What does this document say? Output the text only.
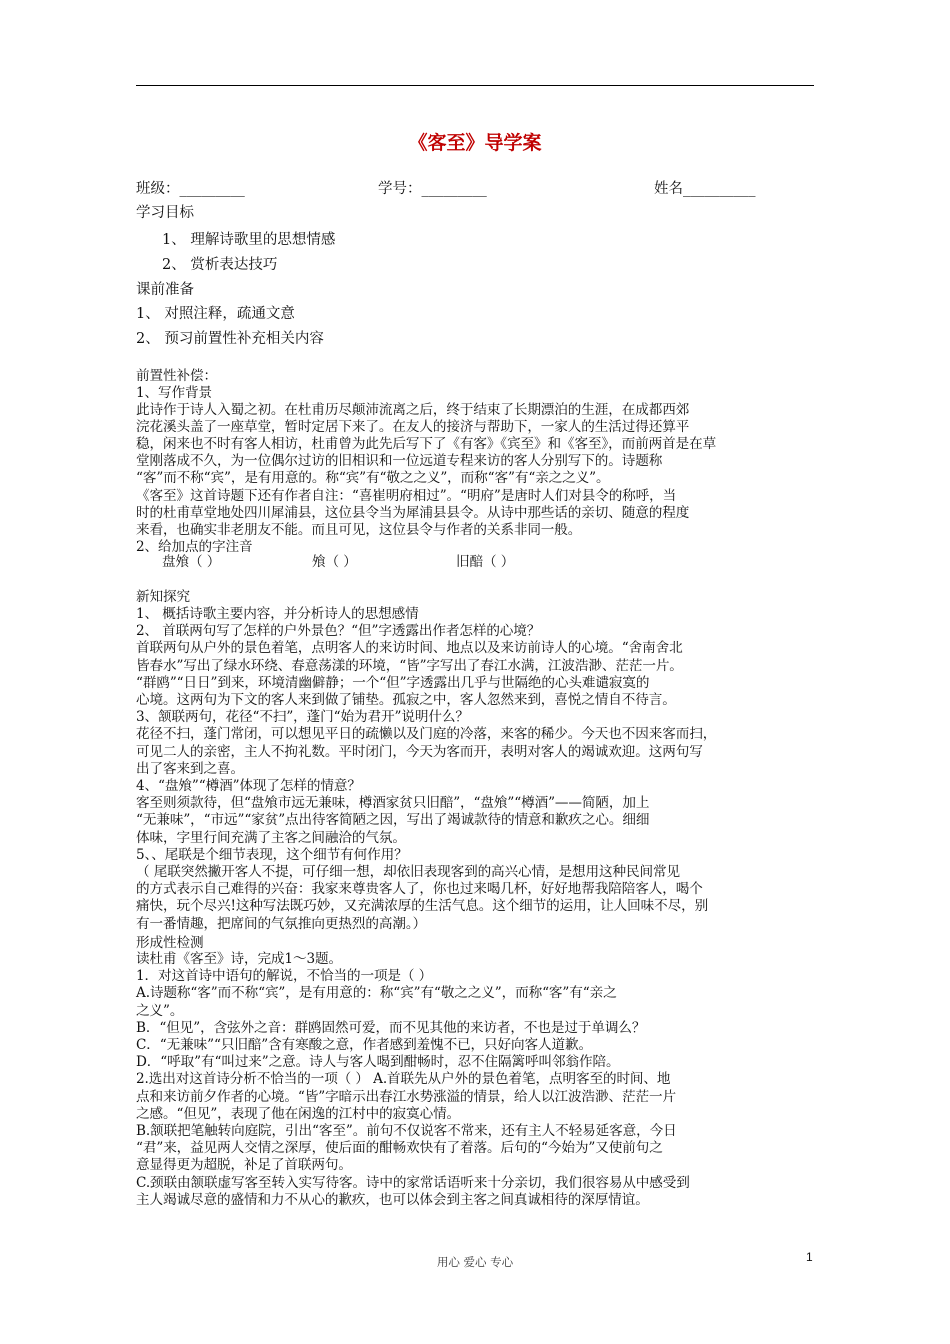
《客至》导学案
班级：_________	学号：_________	姓名__________
学习目标
1、 理解诗歌里的思想情感
2、 赏析表达技巧
课前准备
1、 对照注释，疏通文意
2、 预习前置性补充相关内容
前置性补偿：
1、写作背景
此诗作于诗人入蜀之初。在杜甫历尽颠沛流离之后，终于结束了长期漂泊的生涯，在成都西郊
浣花溪头盖了一座草堂，暂时定居下来了。在友人的接济与帮助下，一家人的生活过得还算平
稳，闲来也不时有客人相访，杜甫曾为此先后写下了《有客》《宾至》和《客至》，而前两首是在草
堂刚落成不久，为一位偶尔过访的旧相识和一位远道专程来访的客人分别写下的。诗题称
“客”而不称“宾”，是有用意的。称“宾”有“敬之之义”，而称“客”有“亲之之义”。
《客至》这首诗题下还有作者自注：“喜崔明府相过”。“明府”是唐时人们对县令的称呼，当
时的杜甫草堂地处四川犀浦县，这位县令当为犀浦县县令。从诗中那些话的亲切、随意的程度
来看，也确实非老朋友不能。而且可见，这位县令与作者的关系非同一般。
2、给加点的字注音
盘飧（ ）	飧（ ）	旧醅（ ）
新知探究
1、 概括诗歌主要内容，并分析诗人的思想感情
2、 首联两句写了怎样的户外景色？“但”字透露出作者怎样的心境？
首联两句从户外的景色着笔，点明客人的来访时间、地点以及来访前诗人的心境。“舍南舍北
皆春水”写出了绿水环绕、春意荡漾的环境，“皆”字写出了春江水满，江波浩渺、茫茫一片。
“群鸥”“日日”到来，环境清幽僻静；一个“但”字透露出几乎与世隔绝的心头难谴寂寞的
心境。这两句为下文的客人来到做了铺垫。孤寂之中，客人忽然来到，喜悦之情自不待言。
3、颔联两句，花径“不扫”，蓬门“始为君开”说明什么？
花径不扫，蓬门常闭，可以想见平日的疏懒以及门庭的冷落，来客的稀少。今天也不因来客而扫，
可见二人的亲密，主人不拘礼数。平时闭门，今天为客而开，表明对客人的竭诚欢迎。这两句写
出了客来到之喜。
4、“盘飧”“樽酒”体现了怎样的情意？
客至则须款待，但“盘飧市远无兼味，樽酒家贫只旧醅”，“盘飧”“樽酒”——简陋，加上
“无兼味”，“市远”“家贫”点出待客简陋之因，写出了竭诚款待的情意和歉疚之心。细细
体味，字里行间充满了主客之间融洽的气氛。
5、、尾联是个细节表现，这个细节有何作用？
（ 尾联突然撇开客人不提，可仔细一想，却依旧表现客到的高兴心情，是想用这种民间常见
的方式表示自己难得的兴奋：我家来尊贵客人了，你也过来喝几杯，好好地帮我陪陪客人，喝个
痛快，玩个尽兴!这种写法既巧妙，又充满浓厚的生活气息。这个细节的运用，让人回味不尽，别
有一番情趣，把席间的气氛推向更热烈的高潮。）
形成性检测
读杜甫《客至》诗，完成1～3题。
1．对这首诗中语句的解说，不恰当的一项是（ ）
A.诗题称“客”而不称“宾”，是有用意的：称“宾”有“敬之之义”，而称“客”有“亲之
之义”。
B．“但见”，含弦外之音：群鸥固然可爱，而不见其他的来访者，不也是过于单调么？
C．“无兼味”“只旧醅”含有寒酸之意，作者感到羞愧不已，只好向客人道歉。
D．“呼取”有“叫过来”之意。诗人与客人喝到酣畅时，忍不住隔篱呼叫邻翁作陪。
2.选出对这首诗分析不恰当的一项（ ） A.首联先从户外的景色着笔，点明客至的时间、地
点和来访前夕作者的心境。“皆”字暗示出春江水势涨溢的情景，给人以江波浩渺、茫茫一片
之感。“但见”，表现了他在闲逸的江村中的寂寞心情。
B.颔联把笔触转向庭院，引出“客至”。前句不仅说客不常来，还有主人不轻易延客意，今日
“君”来，益见两人交情之深厚，使后面的酣畅欢快有了着落。后句的“今始为”又使前句之
意显得更为超脱，补足了首联两句。
C.颈联由颔联虚写客至转入实写待客。诗中的家常话语听来十分亲切，我们很容易从中感受到
主人竭诚尽意的盛情和力不从心的歉疚，也可以体会到主客之间真诚相待的深厚情谊。
用心 爱心 专心	1
